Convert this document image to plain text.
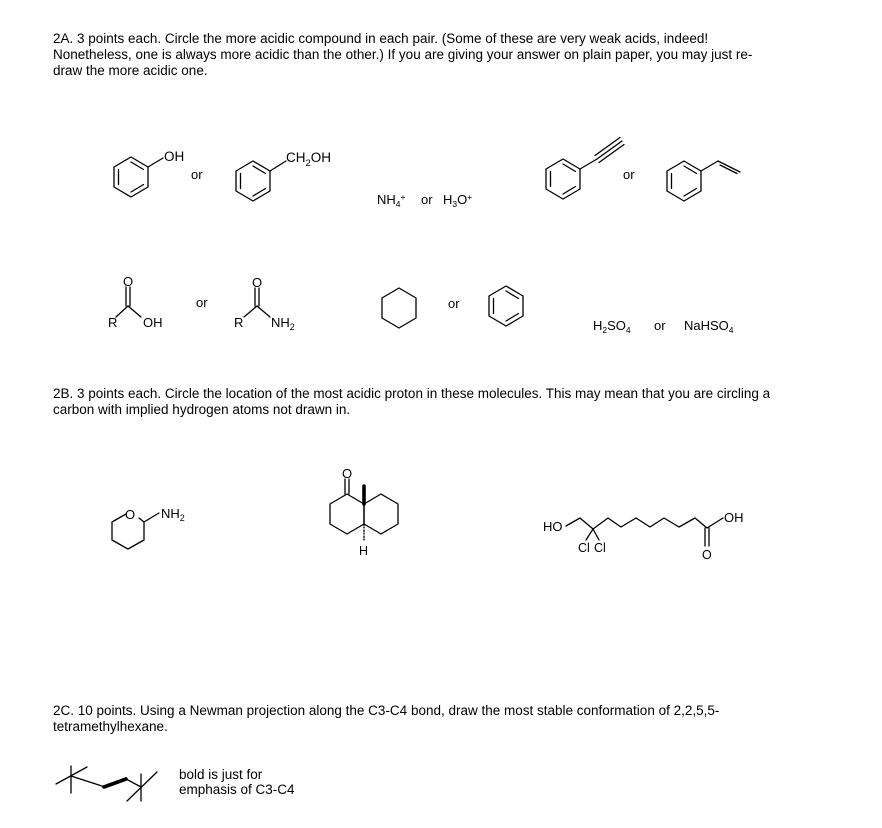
2A. 3 points each. Circle the more acidic compound in each pair. (Some of these are very weak acids, indeed!
Nonetheless, one is always more acidic than the other.) If you are giving your answer on plain paper, you may just re-
draw the more acidic one.
2B. 3 points each. Circle the location of the most acidic proton in these molecules. This may mean that you are circling a
carbon with implied hydrogen atoms not drawn in.
2C. 10 points. Using a Newman projection along the C3-C4 bond, draw the most stable conformation of 2,2,5,5-
tetramethylhexane.
bold is just for
emphasis of C3-C4
OH
or
$CH_2OH$
$NH_4^+$ or $H_3O^+$
or
O
R OH
or
O
R $NH_2$
or
$H_2SO_4$ or NaHSO$_4$
O $NH_2$
O
H
HO
Cl Cl	O
OH
